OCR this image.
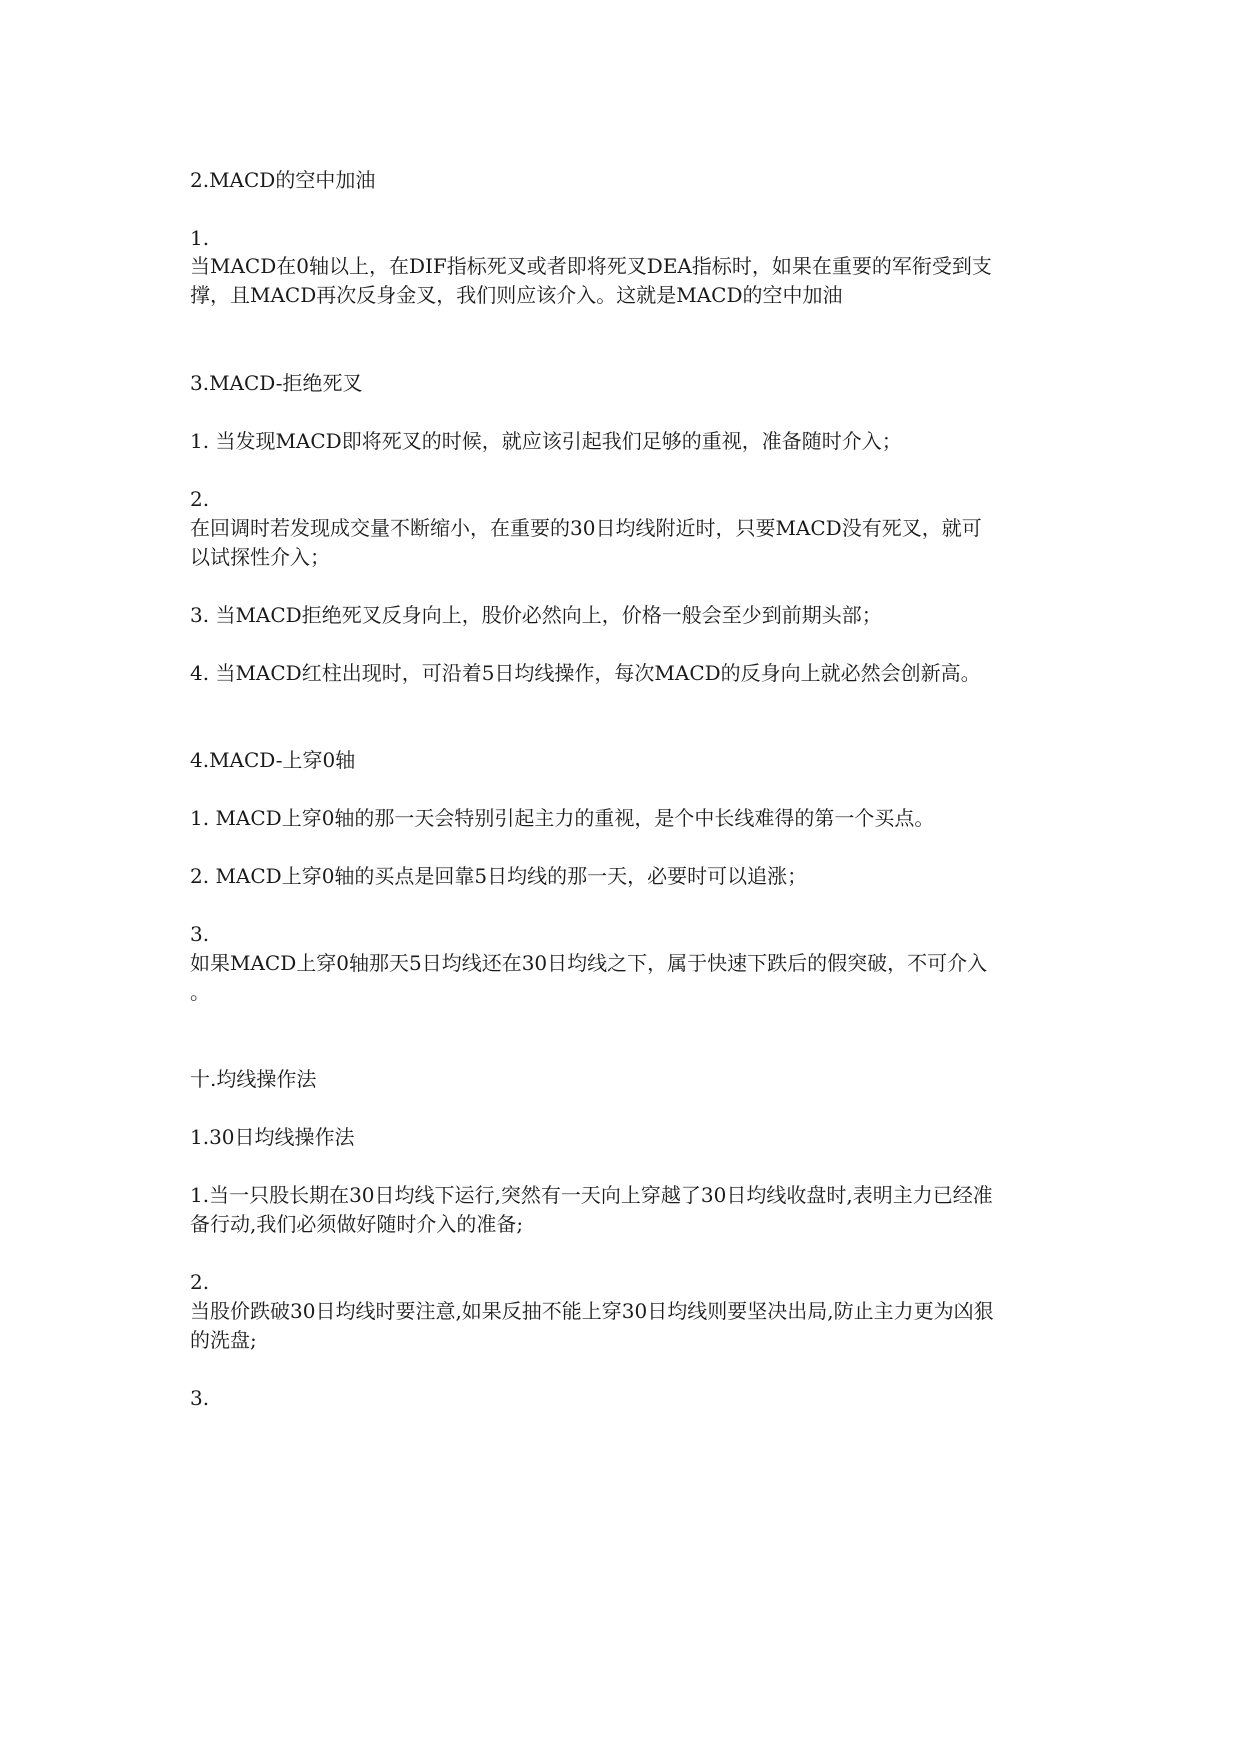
2.MACD的空中加油
1.
当MACD在0轴以上，在DIF指标死叉或者即将死叉DEA指标时，如果在重要的军衔受到支
撑，且MACD再次反身金叉，我们则应该介入。这就是MACD的空中加油
3.MACD-拒绝死叉
1. 当发现MACD即将死叉的时候，就应该引起我们足够的重视，准备随时介入；
2.
在回调时若发现成交量不断缩小，在重要的30日均线附近时，只要MACD没有死叉，就可
以试探性介入；
3. 当MACD拒绝死叉反身向上，股价必然向上，价格一般会至少到前期头部；
4. 当MACD红柱出现时，可沿着5日均线操作，每次MACD的反身向上就必然会创新高。
4.MACD-上穿0轴
1. MACD上穿0轴的那一天会特别引起主力的重视，是个中长线难得的第一个买点。
2. MACD上穿0轴的买点是回靠5日均线的那一天，必要时可以追涨；
3.
如果MACD上穿0轴那天5日均线还在30日均线之下，属于快速下跌后的假突破，不可介入
。
十.均线操作法
1.30日均线操作法
1.当一只股长期在30日均线下运行,突然有一天向上穿越了30日均线收盘时,表明主力已经准
备行动,我们必须做好随时介入的准备;
2.
当股价跌破30日均线时要注意,如果反抽不能上穿30日均线则要坚决出局,防止主力更为凶狠
的洗盘;
3.
